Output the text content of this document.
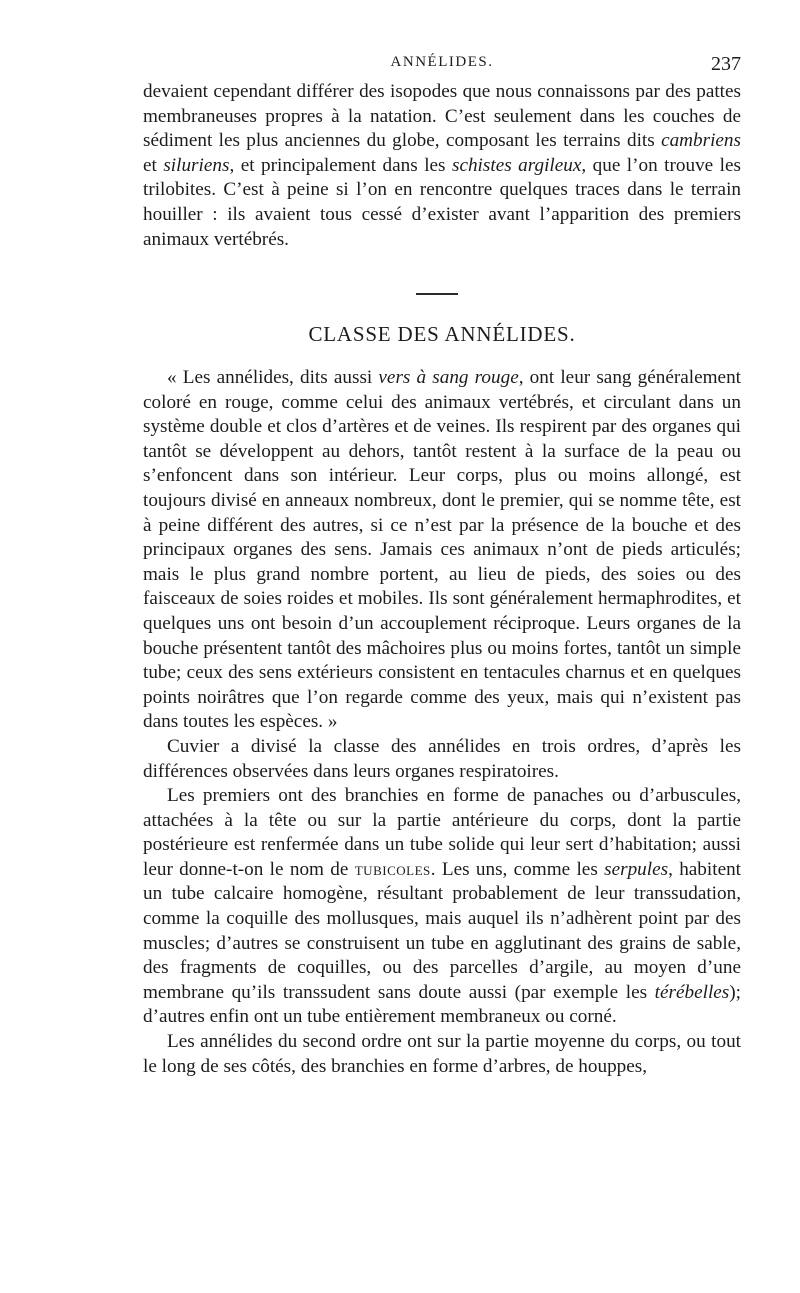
ANNÉLIDES.	237

devaient cependant différer des isopodes que nous connaissons par des pattes membraneuses propres à la natation. C’est seulement dans les couches de sédiment les plus anciennes du globe, composant les terrains dits cambriens et siluriens, et principalement dans les schistes argileux, que l’on trouve les trilobites. C’est à peine si l’on en rencontre quelques traces dans le terrain houiller : ils avaient tous cessé d’exister avant l’apparition des premiers animaux vertébrés.

CLASSE DES ANNÉLIDES.

« Les annélides, dits aussi vers à sang rouge, ont leur sang généralement coloré en rouge, comme celui des animaux vertébrés, et circulant dans un système double et clos d’artères et de veines. Ils respirent par des organes qui tantôt se développent au dehors, tantôt restent à la surface de la peau ou s’enfoncent dans son intérieur. Leur corps, plus ou moins allongé, est toujours divisé en anneaux nombreux, dont le premier, qui se nomme tête, est à peine différent des autres, si ce n’est par la présence de la bouche et des principaux organes des sens. Jamais ces animaux n’ont de pieds articulés; mais le plus grand nombre portent, au lieu de pieds, des soies ou des faisceaux de soies roides et mobiles. Ils sont généralement hermaphrodites, et quelques uns ont besoin d’un accouplement réciproque. Leurs organes de la bouche présentent tantôt des mâchoires plus ou moins fortes, tantôt un simple tube; ceux des sens extérieurs consistent en tentacules charnus et en quelques points noirâtres que l’on regarde comme des yeux, mais qui n’existent pas dans toutes les espèces. »

Cuvier a divisé la classe des annélides en trois ordres, d’après les différences observées dans leurs organes respiratoires.

Les premiers ont des branchies en forme de panaches ou d’arbuscules, attachées à la tête ou sur la partie antérieure du corps, dont la partie postérieure est renfermée dans un tube solide qui leur sert d’habitation; aussi leur donne-t-on le nom de tubicoles. Les uns, comme les serpules, habitent un tube calcaire homogène, résultant probablement de leur transsudation, comme la coquille des mollusques, mais auquel ils n’adhèrent point par des muscles; d’autres se construisent un tube en agglutinant des grains de sable, des fragments de coquilles, ou des parcelles d’argile, au moyen d’une membrane qu’ils transsudent sans doute aussi (par exemple les térébelles); d’autres enfin ont un tube entièrement membraneux ou corné.

Les annélides du second ordre ont sur la partie moyenne du corps, ou tout le long de ses côtés, des branchies en forme d’arbres, de houppes,
